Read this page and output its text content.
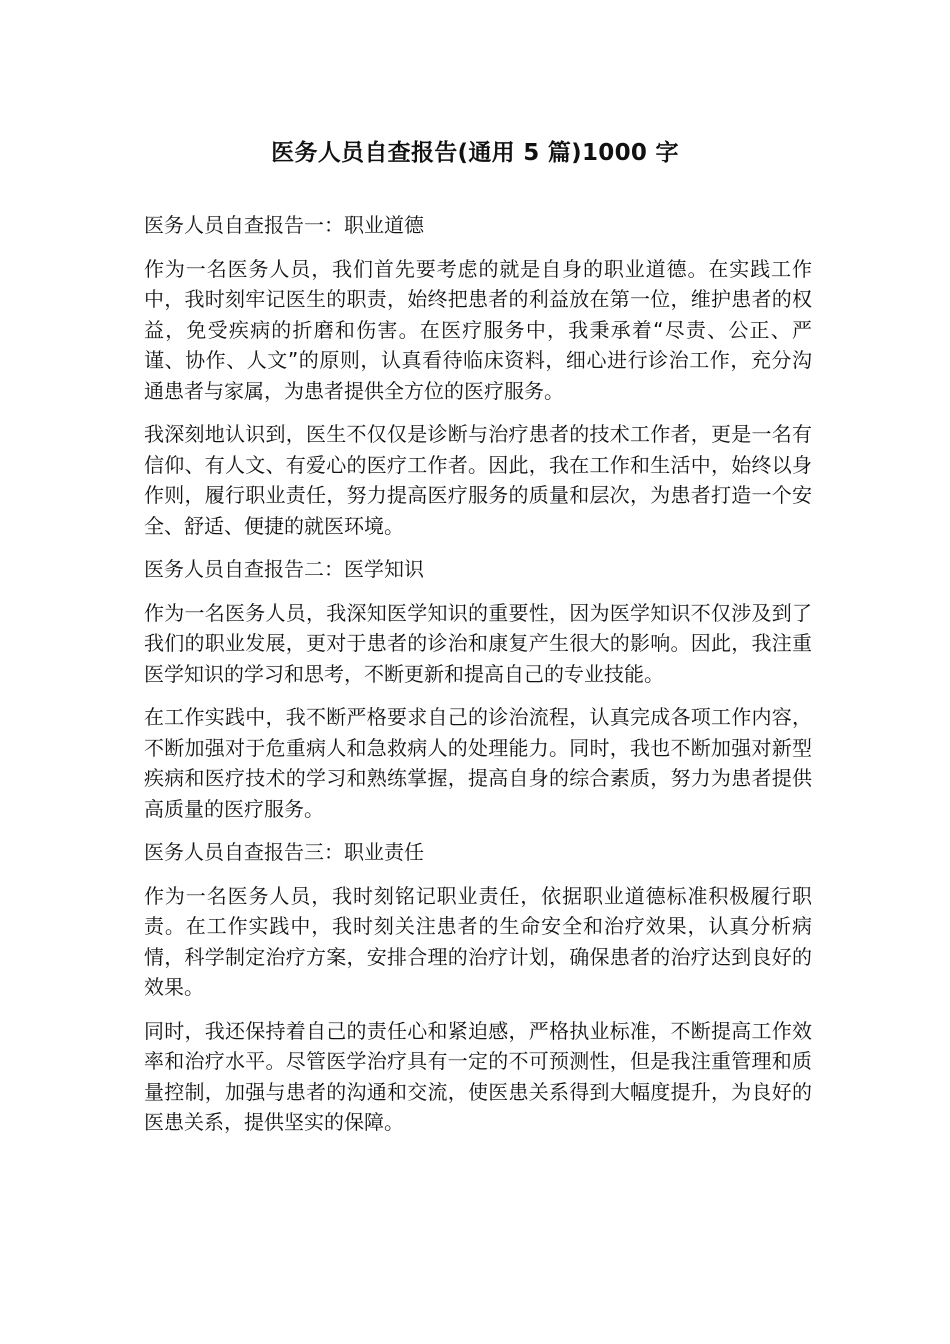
医务人员自查报告(通用 5 篇)1000 字

医务人员自查报告一：职业道德

作为一名医务人员，我们首先要考虑的就是自身的职业道德。在实践工作中，我时刻牢记医生的职责，始终把患者的利益放在第一位，维护患者的权益，免受疾病的折磨和伤害。在医疗服务中，我秉承着“尽责、公正、严谨、协作、人文”的原则，认真看待临床资料，细心进行诊治工作，充分沟通患者与家属，为患者提供全方位的医疗服务。

我深刻地认识到，医生不仅仅是诊断与治疗患者的技术工作者，更是一名有信仰、有人文、有爱心的医疗工作者。因此，我在工作和生活中，始终以身作则，履行职业责任，努力提高医疗服务的质量和层次，为患者打造一个安全、舒适、便捷的就医环境。

医务人员自查报告二：医学知识

作为一名医务人员，我深知医学知识的重要性，因为医学知识不仅涉及到了我们的职业发展，更对于患者的诊治和康复产生很大的影响。因此，我注重医学知识的学习和思考，不断更新和提高自己的专业技能。

在工作实践中，我不断严格要求自己的诊治流程，认真完成各项工作内容，不断加强对于危重病人和急救病人的处理能力。同时，我也不断加强对新型疾病和医疗技术的学习和熟练掌握，提高自身的综合素质，努力为患者提供高质量的医疗服务。

医务人员自查报告三：职业责任

作为一名医务人员，我时刻铭记职业责任，依据职业道德标准积极履行职责。在工作实践中，我时刻关注患者的生命安全和治疗效果，认真分析病情，科学制定治疗方案，安排合理的治疗计划，确保患者的治疗达到良好的效果。

同时，我还保持着自己的责任心和紧迫感，严格执业标准，不断提高工作效率和治疗水平。尽管医学治疗具有一定的不可预测性，但是我注重管理和质量控制，加强与患者的沟通和交流，使医患关系得到大幅度提升，为良好的医患关系，提供坚实的保障。
